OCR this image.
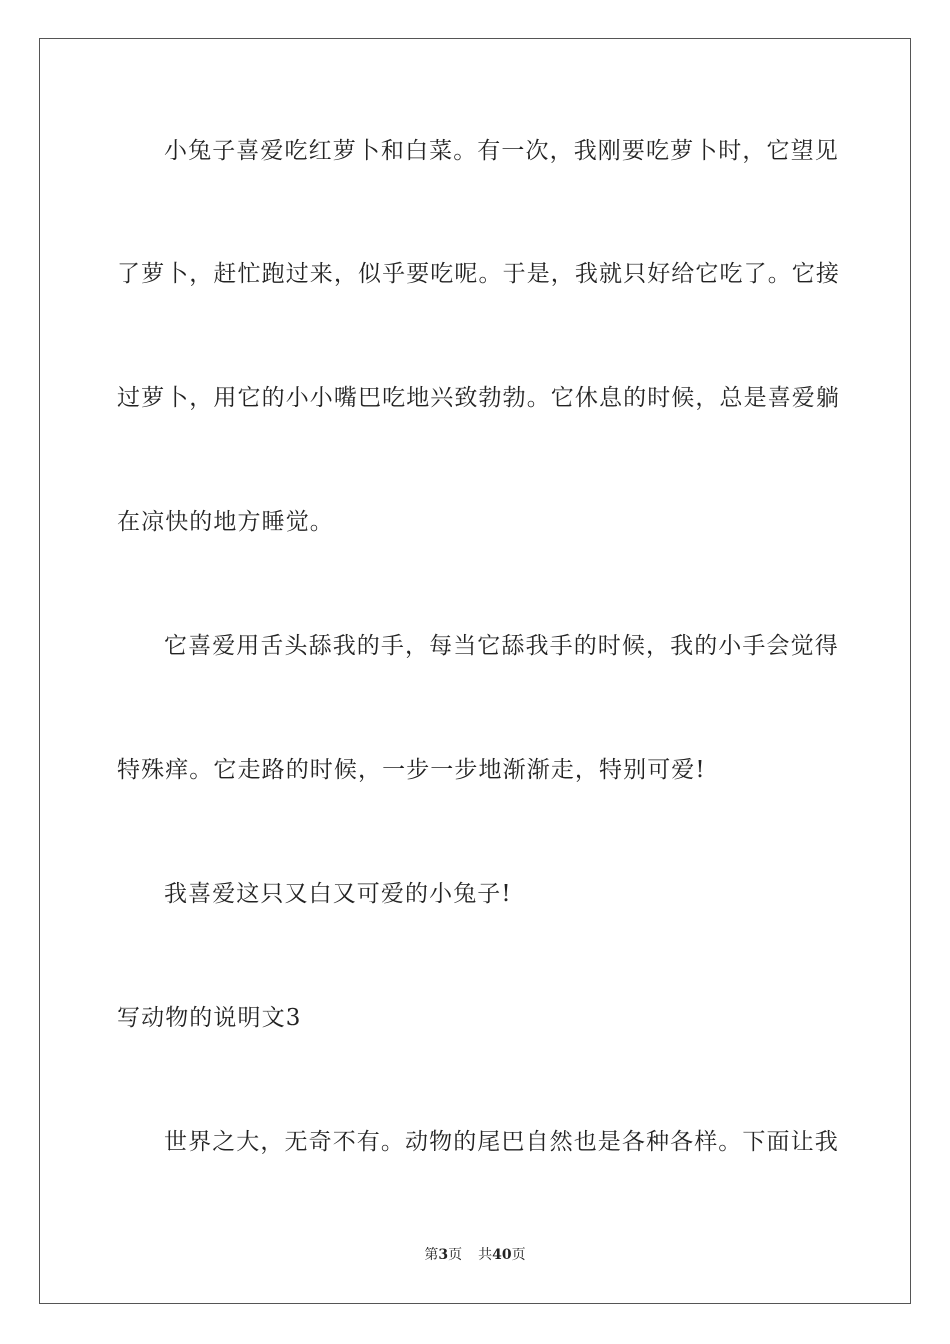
小兔子喜爱吃红萝卜和白菜。有一次，我刚要吃萝卜时，它望见
了萝卜，赶忙跑过来，似乎要吃呢。于是，我就只好给它吃了。它接
过萝卜，用它的小小嘴巴吃地兴致勃勃。它休息的时候，总是喜爱躺
在凉快的地方睡觉。
它喜爱用舌头舔我的手，每当它舔我手的时候，我的小手会觉得
特殊痒。它走路的时候，一步一步地渐渐走，特别可爱!
我喜爱这只又白又可爱的小兔子!
写动物的说明文3
世界之大，无奇不有。动物的尾巴自然也是各种各样。下面让我
第3页 共40页
